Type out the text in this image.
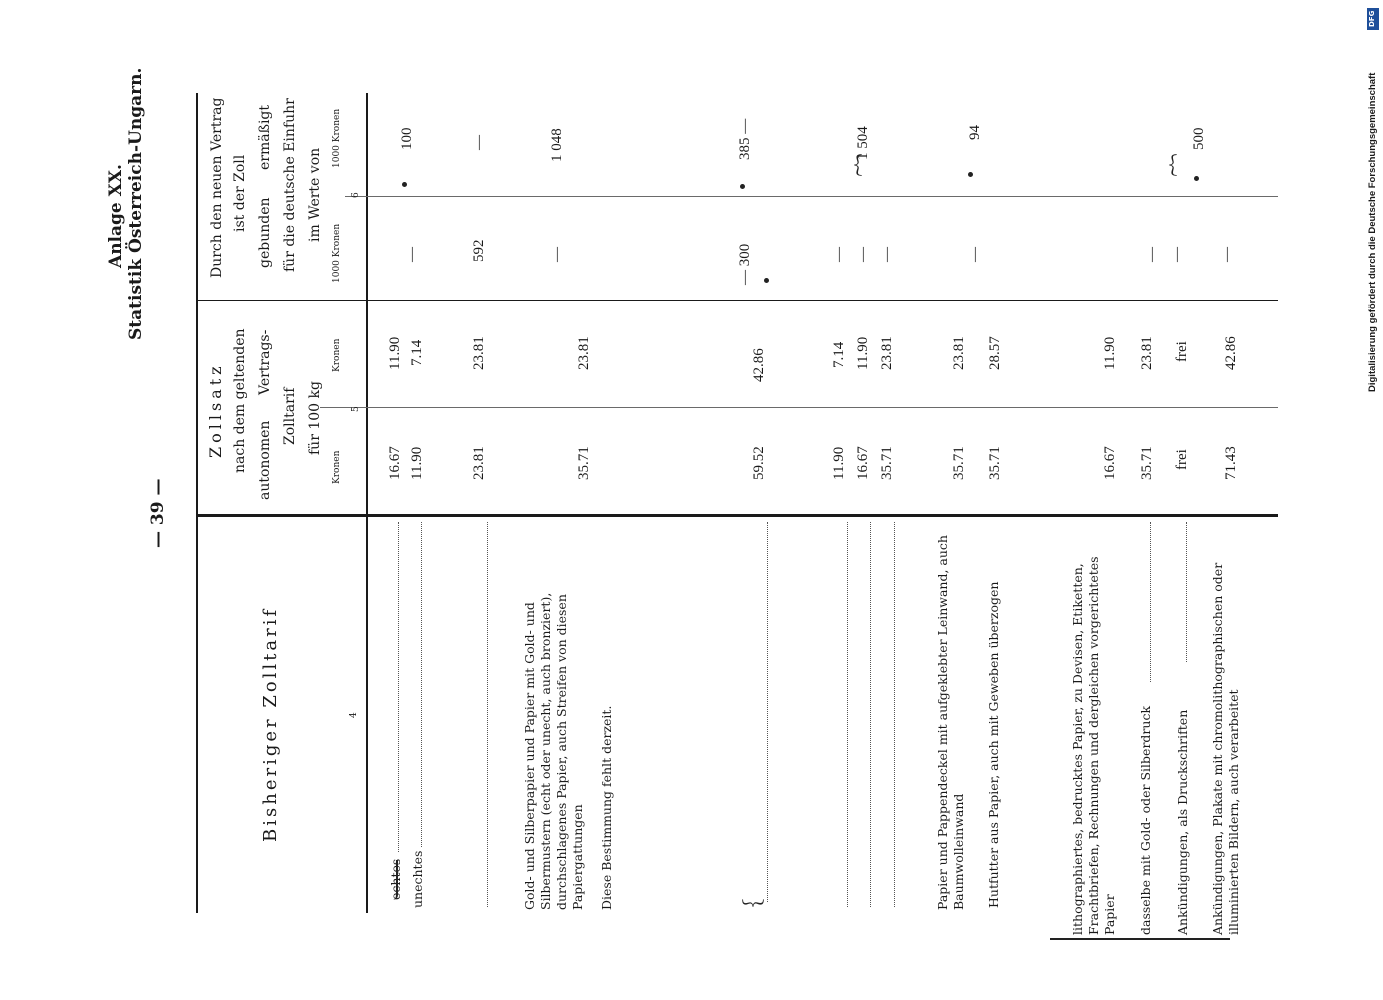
— 39 —
Anlage XX. Statistik Österreich-Ungarn.	Digitalisierung gefördert durch die Deutsche Forschungsgemeinschaft
DFG
Bisheriger Zolltarif	4
Zollsatz nach dem geltenden autonomen
Vertrags-
Zolltarif für 100 kg
Kronen
Kronen
5
Durch den neuen Vertrag ist der Zoll
gebunden
ermäßigt für die deutsche Einfuhr im Werte von
1000 Kronen
1000 Kronen
6
echtes
16.67
11.90
100
unechtes
11.90
7.14
—
23.81
23.81
592
—
Gold- und Silberpapier und Papier mit Gold- und Silbermustern (echt oder unecht, auch bronziert), durchschlagenes Papier, auch Streifen von diesen Papiergattungen
35.71
23.81
—
1 048
Diese Bestimmung fehlt derzeit.
︸
59.52
42.86
— 300
385 —
11.90
7.14
—
16.67
11.90
—
1 504
︷
35.71
23.81
—
Papier und Pappendeckel mit aufgeklebter Leinwand, auch Baumwolleinwand
35.71
23.81
—
94
Hutfutter aus Papier, auch mit Geweben überzogen
35.71
28.57
lithographiertes, bedrucktes Papier, zu Devisen, Etiketten, Frachtbriefen, Rechnungen und dergleichen vorgerichtetes Papier
16.67
11.90
dasselbe mit Gold- oder Silberdruck
35.71
23.81
—
Ankündigungen, als Druckschriften
frei
frei
—
500
︷
Ankündigungen, Plakate mit chromolithographischen oder illuminierten Bildern, auch verarbeitet
71.43
42.86
—
